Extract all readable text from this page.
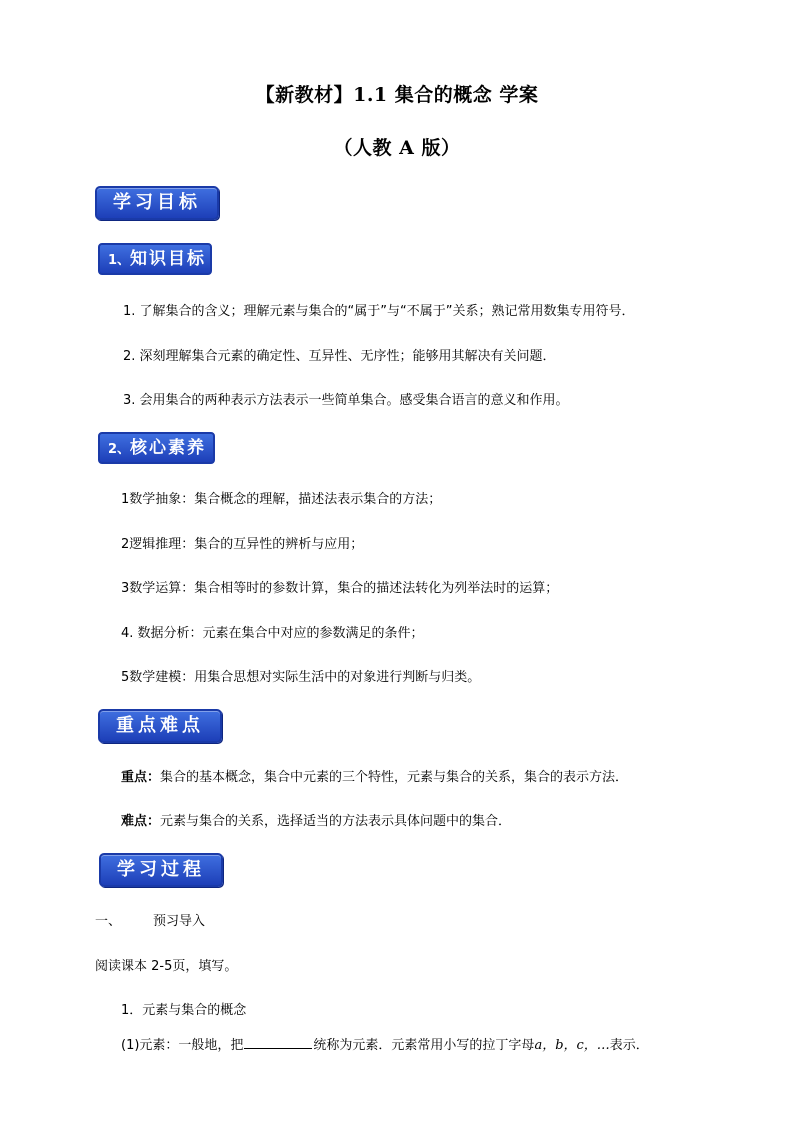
【新教材】1.1 集合的概念 学案
（人教 A 版）
学习目标
1、知识目标
1. 了解集合的含义；理解元素与集合的“属于”与“不属于”关系；熟记常用数集专用符号．
2. 深刻理解集合元素的确定性、互异性、无序性；能够用其解决有关问题．
3. 会用集合的两种表示方法表示一些简单集合。感受集合语言的意义和作用。
2、核心素养
1数学抽象：集合概念的理解，描述法表示集合的方法；
2逻辑推理：集合的互异性的辨析与应用；
3数学运算：集合相等时的参数计算，集合的描述法转化为列举法时的运算；
4. 数据分析：元素在集合中对应的参数满足的条件；
5数学建模：用集合思想对实际生活中的对象进行判断与归类。
重点难点
重点：集合的基本概念，集合中元素的三个特性，元素与集合的关系，集合的表示方法．
难点：元素与集合的关系，选择适当的方法表示具体问题中的集合．
学习过程
一、 预习导入
阅读课本 2-5页，填写。
1．元素与集合的概念
(1)元素：一般地，把	统称为元素．元素常用小写的拉丁字母a，b，c，…表示．
